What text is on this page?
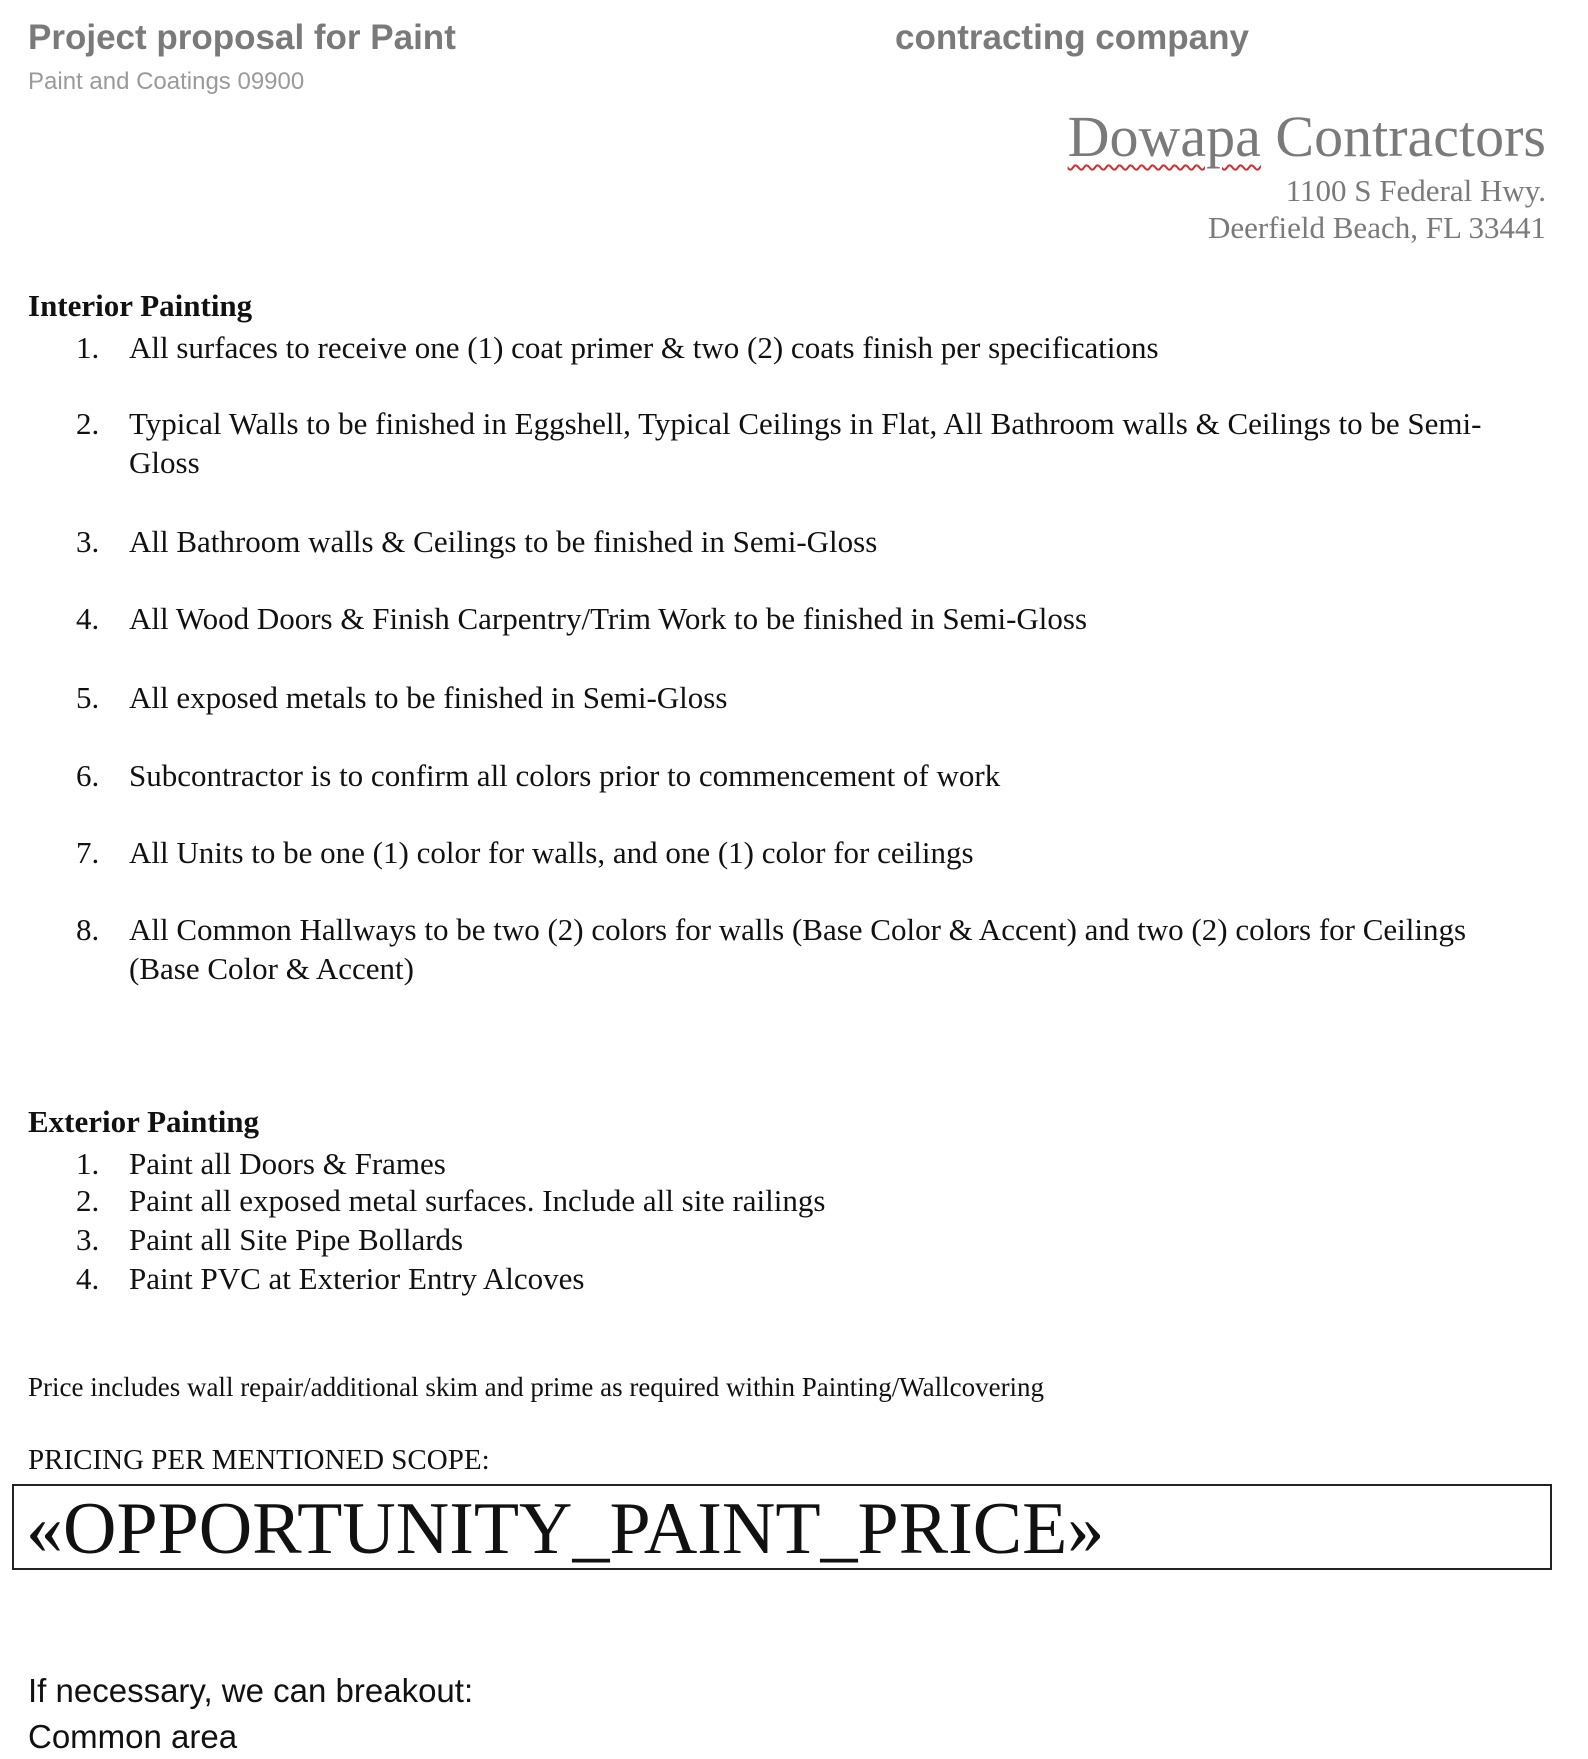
Project proposal for Paint	contracting company
Paint and Coatings 09900
Dowapa Contractors
1100 S Federal Hwy.
Deerfield Beach, FL 33441
Interior Painting
1. All surfaces to receive one (1) coat primer & two (2) coats finish per specifications
2. Typical Walls to be finished in Eggshell, Typical Ceilings in Flat, All Bathroom walls & Ceilings to be Semi-Gloss
3. All Bathroom walls & Ceilings to be finished in Semi-Gloss
4. All Wood Doors & Finish Carpentry/Trim Work to be finished in Semi-Gloss
5. All exposed metals to be finished in Semi-Gloss
6. Subcontractor is to confirm all colors prior to commencement of work
7. All Units to be one (1) color for walls, and one (1) color for ceilings
8. All Common Hallways to be two (2) colors for walls (Base Color & Accent) and two (2) colors for Ceilings (Base Color & Accent)
Exterior Painting
1. Paint all Doors & Frames
2. Paint all exposed metal surfaces. Include all site railings
3. Paint all Site Pipe Bollards
4. Paint PVC at Exterior Entry Alcoves
Price includes wall repair/additional skim and prime as required within Painting/Wallcovering
PRICING PER MENTIONED SCOPE:
«OPPORTUNITY_PAINT_PRICE»
If necessary, we can breakout:
Common area
